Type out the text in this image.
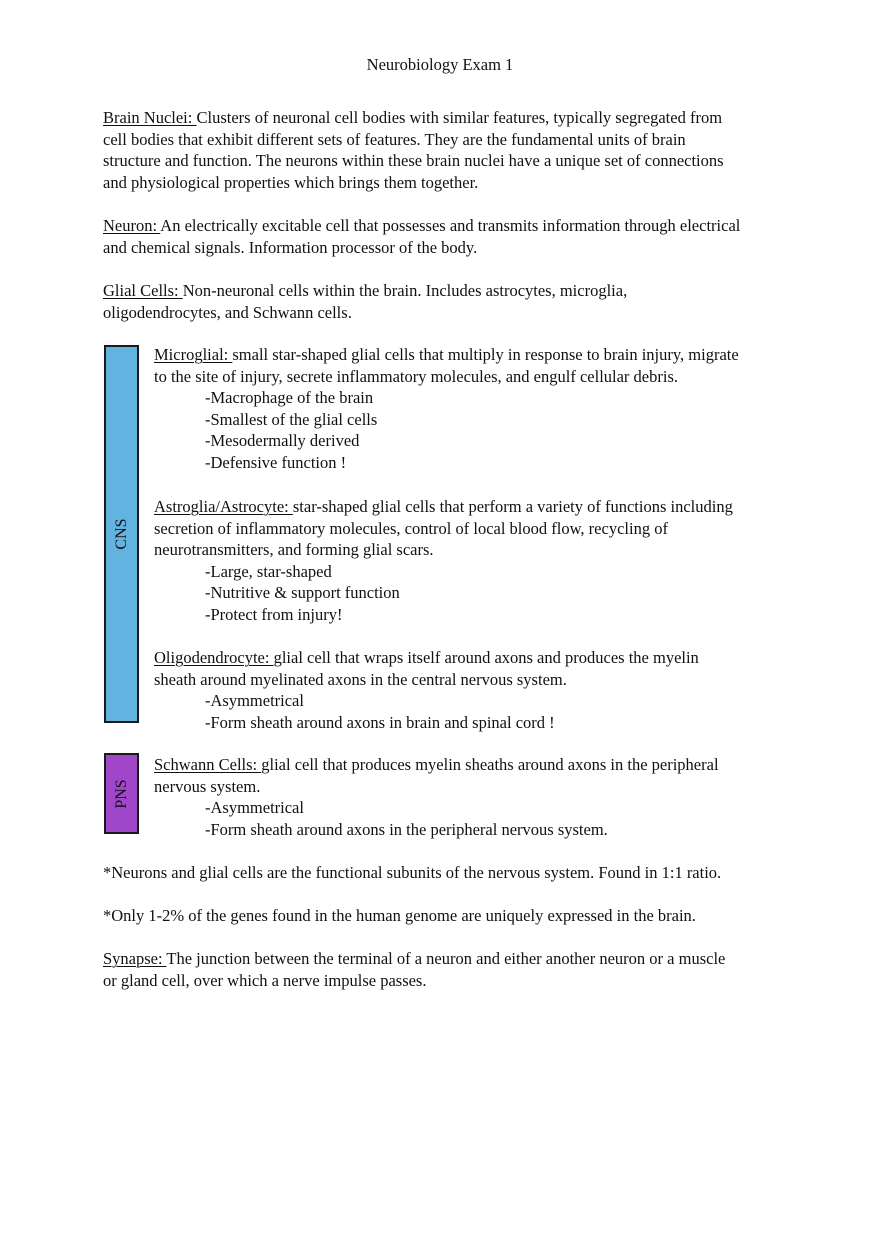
Neurobiology Exam 1
Brain Nuclei: Clusters of neuronal cell bodies with similar features, typically segregated from
cell bodies that exhibit different sets of features. They are the fundamental units of brain
structure and function. The neurons within these brain nuclei have a unique set of connections
and physiological properties which brings them together.
Neuron: An electrically excitable cell that possesses and transmits information through electrical
and chemical signals. Information processor of the body.
Glial Cells: Non-neuronal cells within the brain. Includes astrocytes, microglia,
oligodendrocytes, and Schwann cells.
CNS
Microglial: small star-shaped glial cells that multiply in response to brain injury, migrate
to the site of injury, secrete inflammatory molecules, and engulf cellular debris.
-Macrophage of the brain
-Smallest of the glial cells
-Mesodermally derived
-Defensive function !
Astroglia/Astrocyte: star-shaped glial cells that perform a variety of functions including
secretion of inflammatory molecules, control of local blood flow, recycling of
neurotransmitters, and forming glial scars.
-Large, star-shaped
-Nutritive & support function
-Protect from injury!
Oligodendrocyte: glial cell that wraps itself around axons and produces the myelin
sheath around myelinated axons in the central nervous system.
-Asymmetrical
-Form sheath around axons in brain and spinal cord !
PNS
Schwann Cells: glial cell that produces myelin sheaths around axons in the peripheral
nervous system.
-Asymmetrical
-Form sheath around axons in the peripheral nervous system.
*Neurons and glial cells are the functional subunits of the nervous system. Found in 1:1 ratio.
*Only 1-2% of the genes found in the human genome are uniquely expressed in the brain.
Synapse: The junction between the terminal of a neuron and either another neuron or a muscle
or gland cell, over which a nerve impulse passes.
